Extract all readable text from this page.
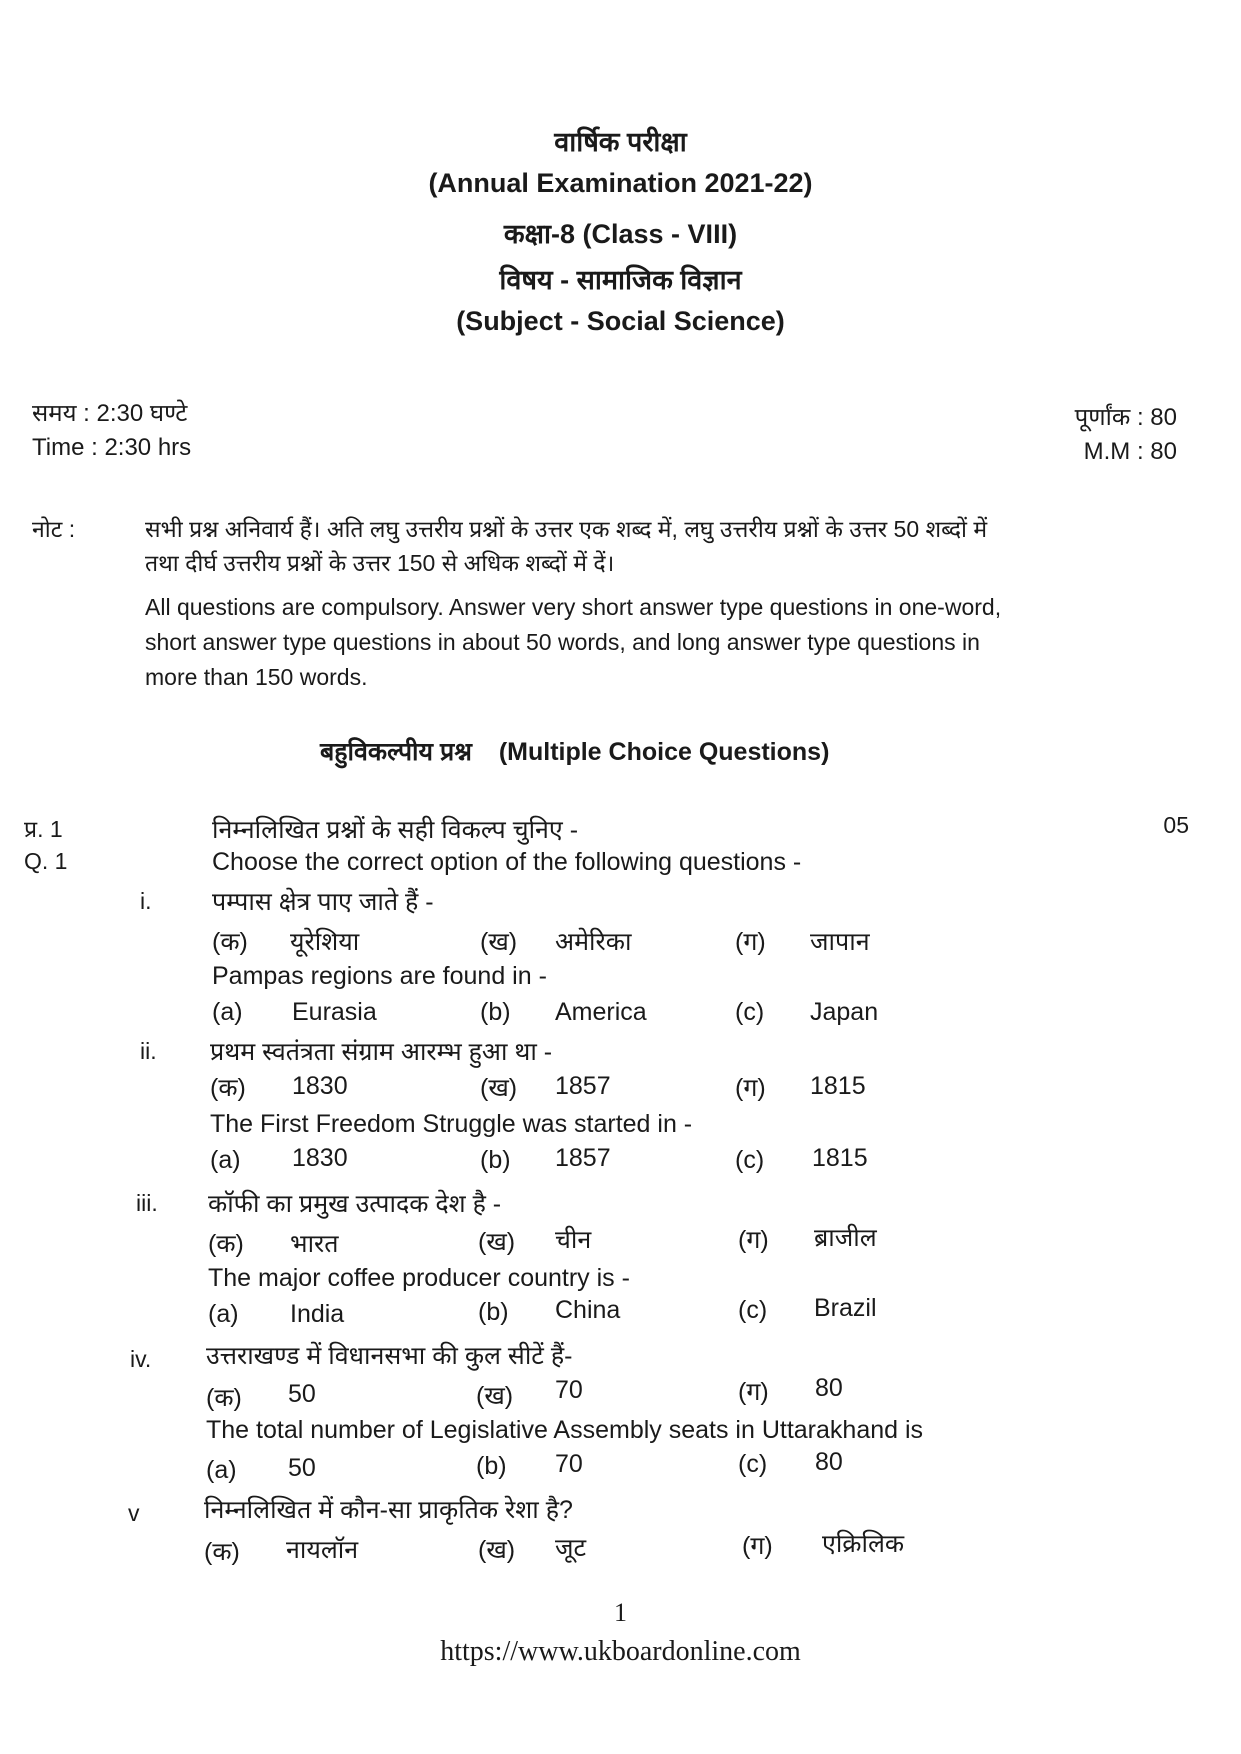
वार्षिक परीक्षा
(Annual Examination 2021-22)
कक्षा-8 (Class - VIII)
विषय - सामाजिक विज्ञान
(Subject - Social Science)
समय : 2:30 घण्टे
Time : 2:30 hrs
पूर्णांक : 80
M.M : 80
नोट :	सभी प्रश्न अनिवार्य हैं। अति लघु उत्तरीय प्रश्नों के उत्तर एक शब्द में, लघु उत्तरीय प्रश्नों के उत्तर 50 शब्दों में
तथा दीर्घ उत्तरीय प्रश्नों के उत्तर 150 से अधिक शब्दों में दें।
All questions are compulsory. Answer very short answer type questions in one-word,
short answer type questions in about 50 words, and long answer type questions in
more than 150 words.
बहुविकल्पीय प्रश्न (Multiple Choice Questions)
प्र. 1
Q. 1
निम्नलिखित प्रश्नों के सही विकल्प चुनिए -
Choose the correct option of the following questions -
05
i. पम्पास क्षेत्र पाए जाते हैं -
(क) यूरेशिया	(ख) अमेरिका	(ग) जापान
Pampas regions are found in -
(a) Eurasia	(b) America	(c) Japan
ii. प्रथम स्वतंत्रता संग्राम आरम्भ हुआ था -
(क) 1830	(ख) 1857	(ग) 1815
The First Freedom Struggle was started in -
(a) 1830	(b) 1857	(c) 1815
iii. कॉफी का प्रमुख उत्पादक देश है -
(क) भारत	(ख) चीन	(ग) ब्राजील
The major coffee producer country is -
(a) India	(b) China	(c) Brazil
iv. उत्तराखण्ड में विधानसभा की कुल सीटें हैं-
(क) 50	(ख) 70	(ग) 80
The total number of Legislative Assembly seats in Uttarakhand is
(a) 50	(b) 70	(c) 80
v	निम्नलिखित में कौन-सा प्राकृतिक रेशा है?
(क) नायलॉन	(ख) जूट	(ग) एक्रिलिक
1
https://www.ukboardonline.com
